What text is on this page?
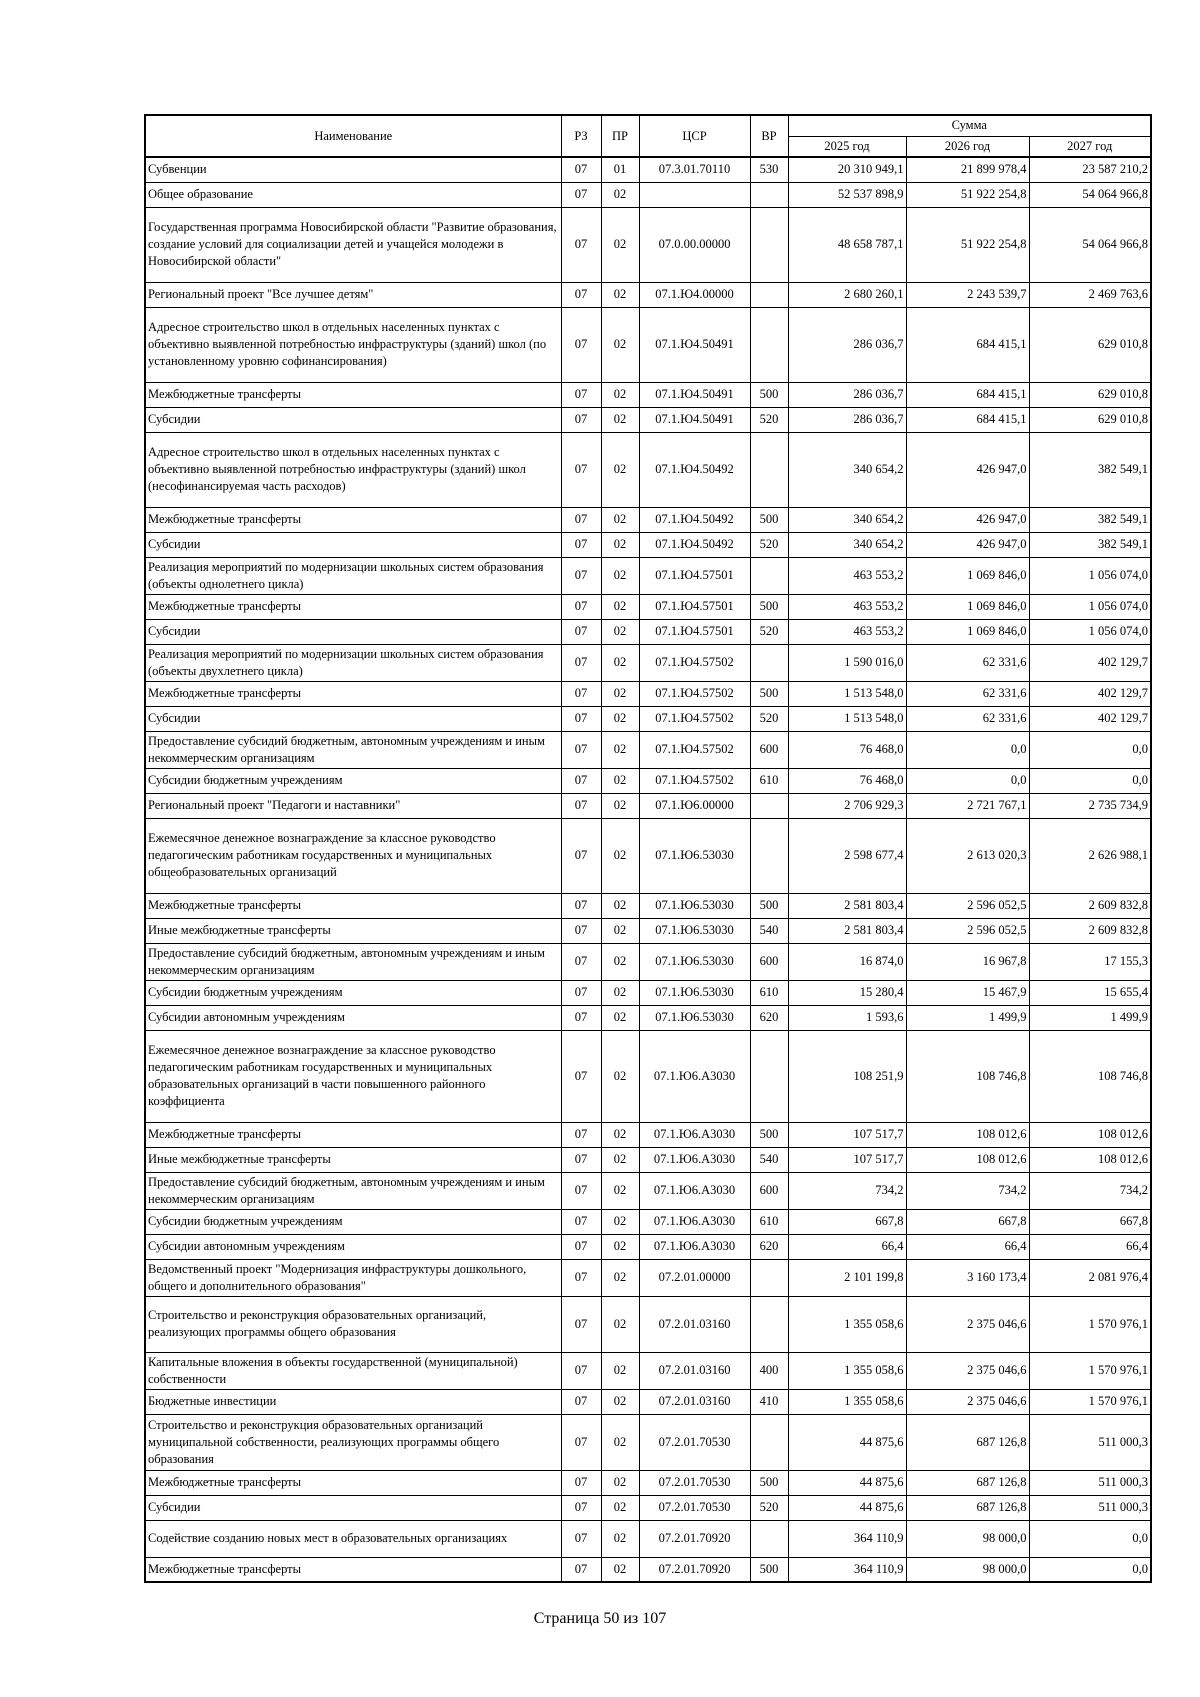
Наименование	РЗ	ПР	ЦСР	ВР	Сумма		
					2025 год	2026 год	2027 год
Субвенции	07	01	07.3.01.70110	530	20 310 949,1	21 899 978,4	23 587 210,2
Общее образование	07	02			52 537 898,9	51 922 254,8	54 064 966,8
Государственная программа Новосибирской области "Развитие образования, создание условий для социализации детей и учащейся молодежи в Новосибирской области"	07	02	07.0.00.00000		48 658 787,1	51 922 254,8	54 064 966,8
Региональный проект "Все лучшее детям"	07	02	07.1.Ю4.00000		2 680 260,1	2 243 539,7	2 469 763,6
Адресное строительство школ в отдельных населенных пунктах с объективно выявленной потребностью инфраструктуры (зданий) школ (по установленному уровню софинансирования)	07	02	07.1.Ю4.50491		286 036,7	684 415,1	629 010,8
Межбюджетные трансферты	07	02	07.1.Ю4.50491	500	286 036,7	684 415,1	629 010,8
Субсидии	07	02	07.1.Ю4.50491	520	286 036,7	684 415,1	629 010,8
Адресное строительство школ в отдельных населенных пунктах с объективно выявленной потребностью инфраструктуры (зданий) школ (несофинансируемая часть расходов)	07	02	07.1.Ю4.50492		340 654,2	426 947,0	382 549,1
Межбюджетные трансферты	07	02	07.1.Ю4.50492	500	340 654,2	426 947,0	382 549,1
Субсидии	07	02	07.1.Ю4.50492	520	340 654,2	426 947,0	382 549,1
Реализация мероприятий по модернизации школьных систем образования (объекты однолетнего цикла)	07	02	07.1.Ю4.57501		463 553,2	1 069 846,0	1 056 074,0
Межбюджетные трансферты	07	02	07.1.Ю4.57501	500	463 553,2	1 069 846,0	1 056 074,0
Субсидии	07	02	07.1.Ю4.57501	520	463 553,2	1 069 846,0	1 056 074,0
Реализация мероприятий по модернизации школьных систем образования (объекты двухлетнего цикла)	07	02	07.1.Ю4.57502		1 590 016,0	62 331,6	402 129,7
Межбюджетные трансферты	07	02	07.1.Ю4.57502	500	1 513 548,0	62 331,6	402 129,7
Субсидии	07	02	07.1.Ю4.57502	520	1 513 548,0	62 331,6	402 129,7
Предоставление субсидий бюджетным, автономным учреждениям и иным некоммерческим организациям	07	02	07.1.Ю4.57502	600	76 468,0	0,0	0,0
Субсидии бюджетным учреждениям	07	02	07.1.Ю4.57502	610	76 468,0	0,0	0,0
Региональный проект "Педагоги и наставники"	07	02	07.1.Ю6.00000		2 706 929,3	2 721 767,1	2 735 734,9
Ежемесячное денежное вознаграждение за классное руководство педагогическим работникам государственных и муниципальных общеобразовательных организаций	07	02	07.1.Ю6.53030		2 598 677,4	2 613 020,3	2 626 988,1
Межбюджетные трансферты	07	02	07.1.Ю6.53030	500	2 581 803,4	2 596 052,5	2 609 832,8
Иные межбюджетные трансферты	07	02	07.1.Ю6.53030	540	2 581 803,4	2 596 052,5	2 609 832,8
Предоставление субсидий бюджетным, автономным учреждениям и иным некоммерческим организациям	07	02	07.1.Ю6.53030	600	16 874,0	16 967,8	17 155,3
Субсидии бюджетным учреждениям	07	02	07.1.Ю6.53030	610	15 280,4	15 467,9	15 655,4
Субсидии автономным учреждениям	07	02	07.1.Ю6.53030	620	1 593,6	1 499,9	1 499,9
Ежемесячное денежное вознаграждение за классное руководство педагогическим работникам государственных и муниципальных образовательных организаций в части повышенного районного коэффициента	07	02	07.1.Ю6.А3030		108 251,9	108 746,8	108 746,8
Межбюджетные трансферты	07	02	07.1.Ю6.А3030	500	107 517,7	108 012,6	108 012,6
Иные межбюджетные трансферты	07	02	07.1.Ю6.А3030	540	107 517,7	108 012,6	108 012,6
Предоставление субсидий бюджетным, автономным учреждениям и иным некоммерческим организациям	07	02	07.1.Ю6.А3030	600	734,2	734,2	734,2
Субсидии бюджетным учреждениям	07	02	07.1.Ю6.А3030	610	667,8	667,8	667,8
Субсидии автономным учреждениям	07	02	07.1.Ю6.А3030	620	66,4	66,4	66,4
Ведомственный проект "Модернизация инфраструктуры дошкольного, общего и дополнительного образования"	07	02	07.2.01.00000		2 101 199,8	3 160 173,4	2 081 976,4
Строительство и реконструкция образовательных организаций, реализующих программы общего образования	07	02	07.2.01.03160		1 355 058,6	2 375 046,6	1 570 976,1
Капитальные вложения в объекты государственной (муниципальной) собственности	07	02	07.2.01.03160	400	1 355 058,6	2 375 046,6	1 570 976,1
Бюджетные инвестиции	07	02	07.2.01.03160	410	1 355 058,6	2 375 046,6	1 570 976,1
Строительство и реконструкция образовательных организаций муниципальной собственности, реализующих программы общего образования	07	02	07.2.01.70530		44 875,6	687 126,8	511 000,3
Межбюджетные трансферты	07	02	07.2.01.70530	500	44 875,6	687 126,8	511 000,3
Субсидии	07	02	07.2.01.70530	520	44 875,6	687 126,8	511 000,3
Содействие созданию новых мест в образовательных организациях	07	02	07.2.01.70920		364 110,9	98 000,0	0,0
Межбюджетные трансферты	07	02	07.2.01.70920	500	364 110,9	98 000,0	0,0
Страница 50 из 107
